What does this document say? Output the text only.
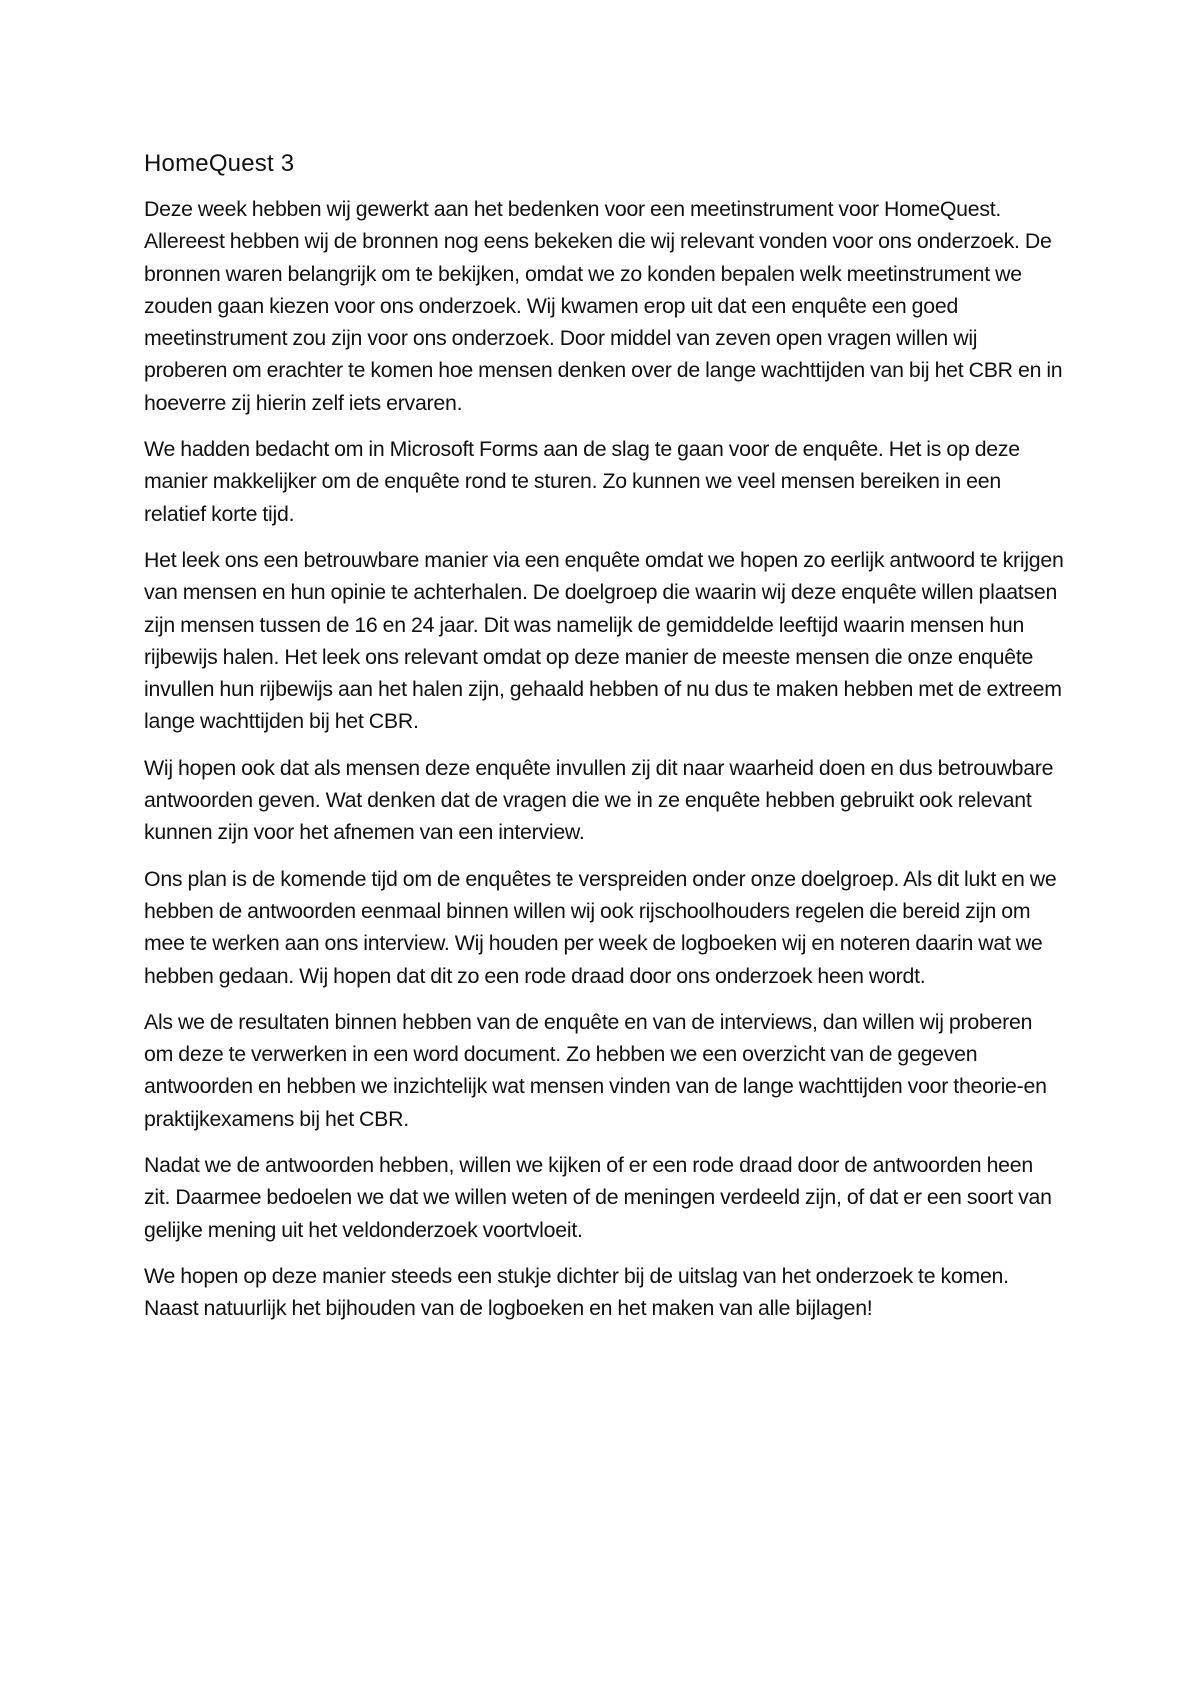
HomeQuest 3

Deze week hebben wij gewerkt aan het bedenken voor een meetinstrument voor HomeQuest. Allereest hebben wij de bronnen nog eens bekeken die wij relevant vonden voor ons onderzoek. De bronnen waren belangrijk om te bekijken, omdat we zo konden bepalen welk meetinstrument we zouden gaan kiezen voor ons onderzoek. Wij kwamen erop uit dat een enquête een goed meetinstrument zou zijn voor ons onderzoek. Door middel van zeven open vragen willen wij proberen om erachter te komen hoe mensen denken over de lange wachttijden van bij het CBR en in hoeverre zij hierin zelf iets ervaren.

We hadden bedacht om in Microsoft Forms aan de slag te gaan voor de enquête. Het is op deze manier makkelijker om de enquête rond te sturen. Zo kunnen we veel mensen bereiken in een relatief korte tijd.

Het leek ons een betrouwbare manier via een enquête omdat we hopen zo eerlijk antwoord te krijgen van mensen en hun opinie te achterhalen. De doelgroep die waarin wij deze enquête willen plaatsen zijn mensen tussen de 16 en 24 jaar. Dit was namelijk de gemiddelde leeftijd waarin mensen hun rijbewijs halen. Het leek ons relevant omdat op deze manier de meeste mensen die onze enquête invullen hun rijbewijs aan het halen zijn, gehaald hebben of nu dus te maken hebben met de extreem lange wachttijden bij het CBR.

Wij hopen ook dat als mensen deze enquête invullen zij dit naar waarheid doen en dus betrouwbare antwoorden geven. Wat denken dat de vragen die we in ze enquête hebben gebruikt ook relevant kunnen zijn voor het afnemen van een interview.

Ons plan is de komende tijd om de enquêtes te verspreiden onder onze doelgroep. Als dit lukt en we hebben de antwoorden eenmaal binnen willen wij ook rijschoolhouders regelen die bereid zijn om mee te werken aan ons interview. Wij houden per week de logboeken wij en noteren daarin wat we hebben gedaan. Wij hopen dat dit zo een rode draad door ons onderzoek heen wordt.

Als we de resultaten binnen hebben van de enquête en van de interviews, dan willen wij proberen om deze te verwerken in een word document. Zo hebben we een overzicht van de gegeven antwoorden en hebben we inzichtelijk wat mensen vinden van de lange wachttijden voor theorie-en praktijkexamens bij het CBR.

Nadat we de antwoorden hebben, willen we kijken of er een rode draad door de antwoorden heen zit. Daarmee bedoelen we dat we willen weten of de meningen verdeeld zijn, of dat er een soort van gelijke mening uit het veldonderzoek voortvloeit.

We hopen op deze manier steeds een stukje dichter bij de uitslag van het onderzoek te komen. Naast natuurlijk het bijhouden van de logboeken en het maken van alle bijlagen!
